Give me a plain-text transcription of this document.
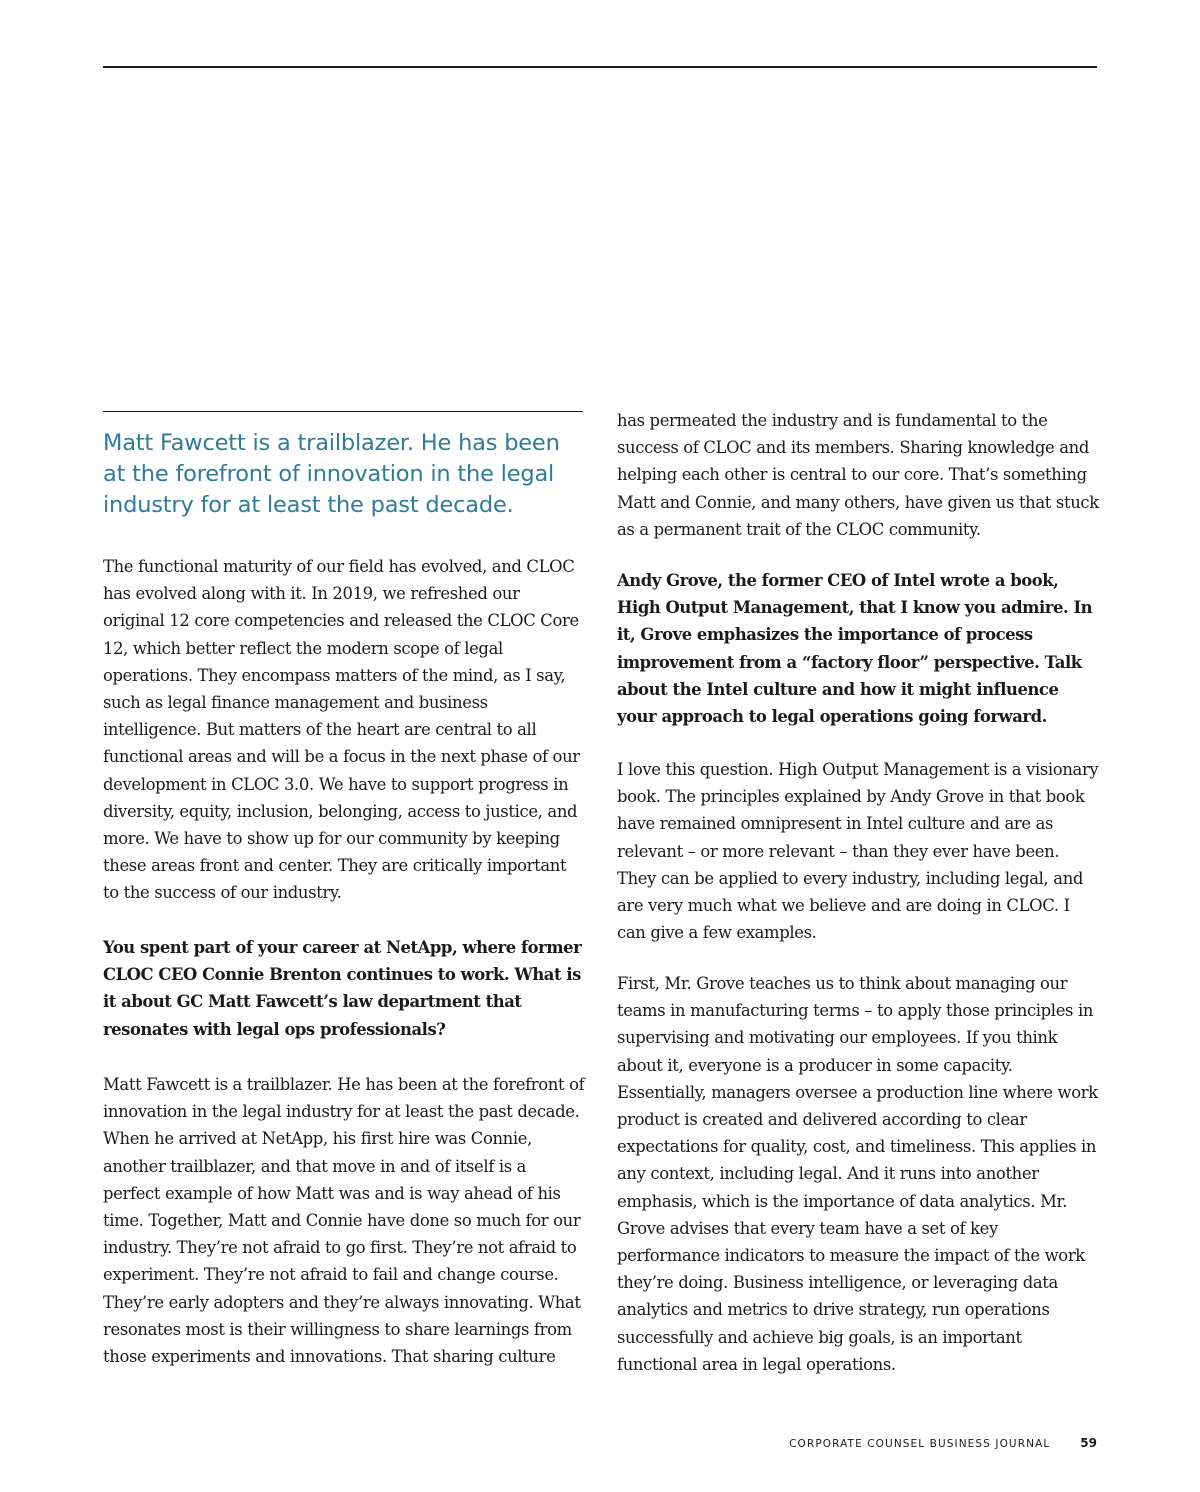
Matt Fawcett is a trailblazer. He has been at the forefront of innovation in the legal industry for at least the past decade.

The functional maturity of our field has evolved, and CLOC has evolved along with it. In 2019, we refreshed our original 12 core competencies and released the CLOC Core 12, which better reflect the modern scope of legal operations. They encompass matters of the mind, as I say, such as legal finance management and business intelligence. But matters of the heart are central to all functional areas and will be a focus in the next phase of our development in CLOC 3.0. We have to support progress in diversity, equity, inclusion, belonging, access to justice, and more. We have to show up for our community by keeping these areas front and center. They are critically important to the success of our industry.

You spent part of your career at NetApp, where former CLOC CEO Connie Brenton continues to work. What is it about GC Matt Fawcett’s law department that resonates with legal ops professionals?

Matt Fawcett is a trailblazer. He has been at the forefront of innovation in the legal industry for at least the past decade. When he arrived at NetApp, his first hire was Connie, another trailblazer, and that move in and of itself is a perfect example of how Matt was and is way ahead of his time. Together, Matt and Connie have done so much for our industry. They’re not afraid to go first. They’re not afraid to experiment. They’re not afraid to fail and change course. They’re early adopters and they’re always innovating. What resonates most is their willingness to share learnings from those experiments and innovations. That sharing culture

has permeated the industry and is fundamental to the success of CLOC and its members. Sharing knowledge and helping each other is central to our core. That’s something Matt and Connie, and many others, have given us that stuck as a permanent trait of the CLOC community.

Andy Grove, the former CEO of Intel wrote a book, High Output Management, that I know you admire. In it, Grove emphasizes the importance of process improvement from a “factory floor” perspective. Talk about the Intel culture and how it might influence your approach to legal operations going forward.

I love this question. High Output Management is a visionary book. The principles explained by Andy Grove in that book have remained omnipresent in Intel culture and are as relevant – or more relevant – than they ever have been. They can be applied to every industry, including legal, and are very much what we believe and are doing in CLOC. I can give a few examples.

First, Mr. Grove teaches us to think about managing our teams in manufacturing terms – to apply those principles in supervising and motivating our employees. If you think about it, everyone is a producer in some capacity. Essentially, managers oversee a production line where work product is created and delivered according to clear expectations for quality, cost, and timeliness. This applies in any context, including legal. And it runs into another emphasis, which is the importance of data analytics. Mr. Grove advises that every team have a set of key performance indicators to measure the impact of the work they’re doing. Business intelligence, or leveraging data analytics and metrics to drive strategy, run operations successfully and achieve big goals, is an important functional area in legal operations.

CORPORATE COUNSEL BUSINESS JOURNAL	59
